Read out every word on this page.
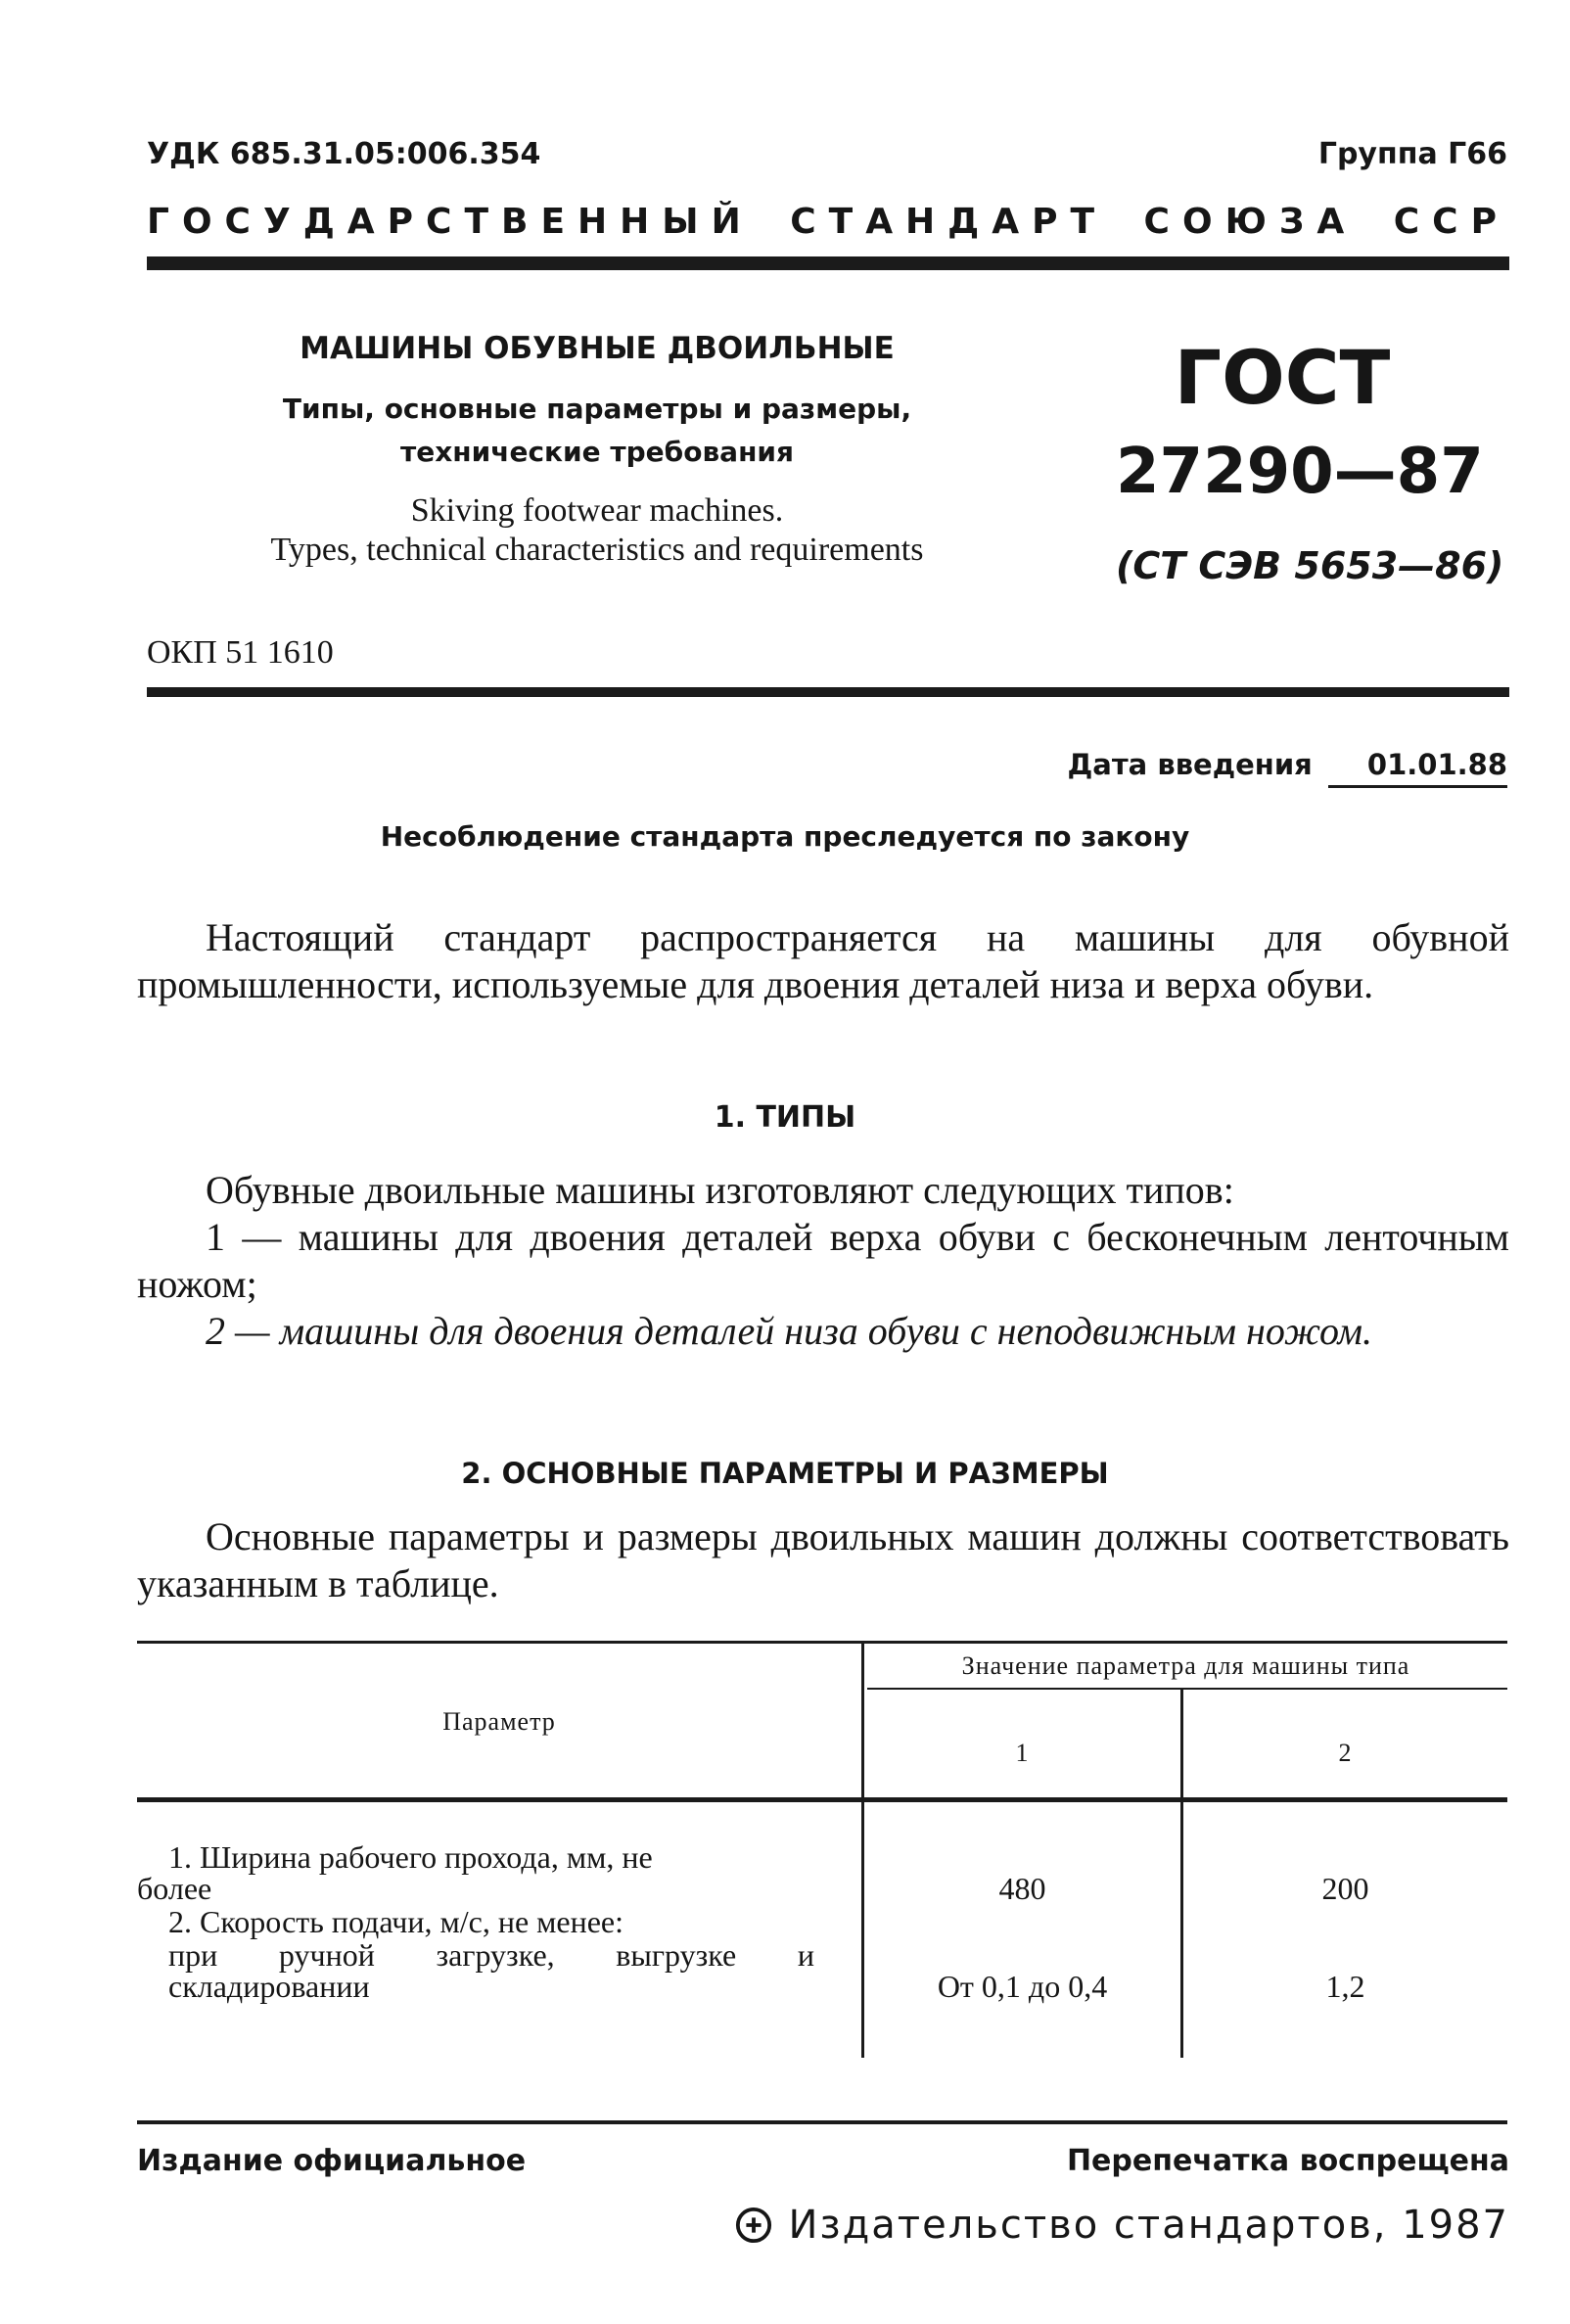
УДК 685.31.05:006.354	Группа Г66
ГОСУДАРСТВЕННЫЙ СТАНДАРТ СОЮЗА ССР
МАШИНЫ ОБУВНЫЕ ДВОИЛЬНЫЕ
Типы, основные параметры и размеры,
технические требования
Skiving footwear machines.
Types, technical characteristics and requirements
ГОСТ
27290—87
(СТ СЭВ 5653—86)
ОКП 51 1610
Дата введения 01.01.88
Несоблюдение стандарта преследуется по закону
Настоящий стандарт распространяется на машины для обувной промышленности, используемые для двоения деталей низа и верха обуви.
1. ТИПЫ
Обувные двоильные машины изготовляют следующих типов:
1 — машины для двоения деталей верха обуви с бесконечным ленточным ножом;
2 — машины для двоения деталей низа обуви с неподвижным ножом.
2. ОСНОВНЫЕ ПАРАМЕТРЫ И РАЗМЕРЫ
Основные параметры и размеры двоильных машин должны соответствовать указанным в таблице.
Параметр
Значение параметра для машины типа
1	2
1. Ширина рабочего прохода, мм, не
более	480	200
2. Скорость подачи, м/с, не менее:
при ручной загрузке, выгрузке и
складировании	От 0,1 до 0,4	1,2
Издание официальное	Перепечатка воспрещена
Издательство стандартов, 1987
